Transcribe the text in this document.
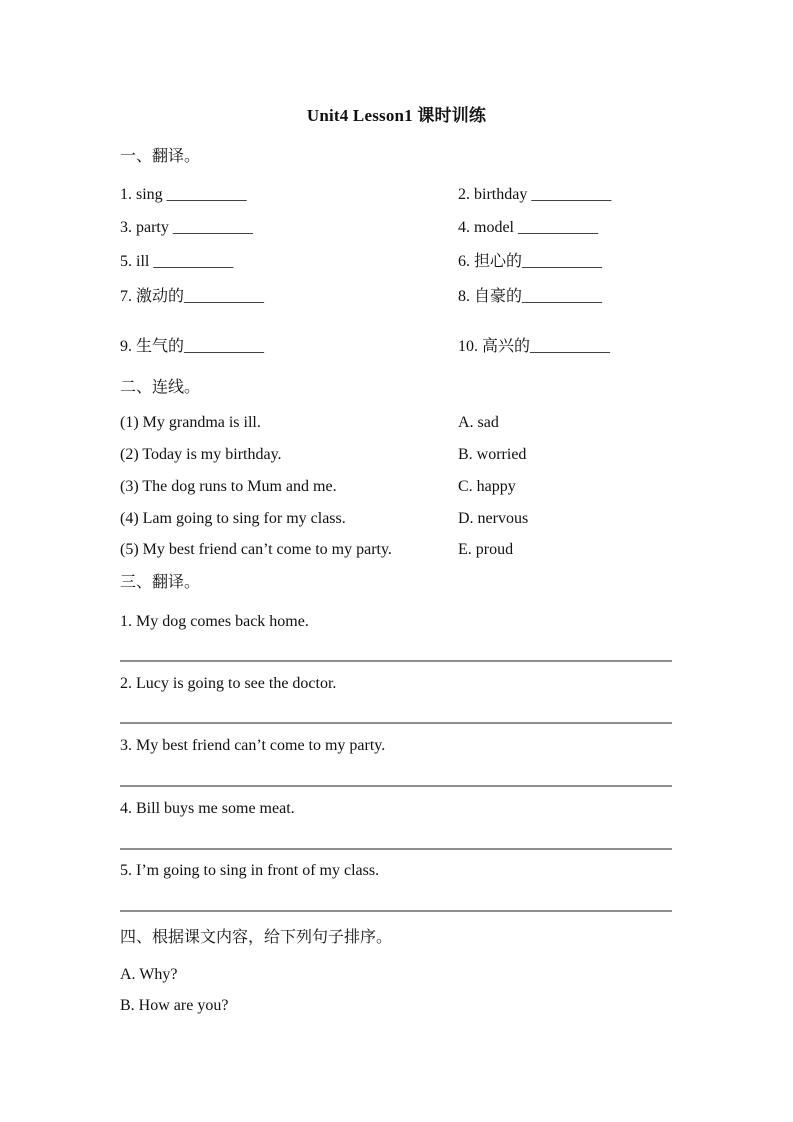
Unit4 Lesson1 课时训练
一、翻译。
1. sing __________	2. birthday __________
3. party __________	4. model __________
5. ill __________	6. 担心的__________
7. 激动的__________	8. 自豪的__________
9. 生气的__________	10. 高兴的__________
二、连线。
(1) My grandma is ill.	A. sad
(2) Today is my birthday.	B. worried
(3) The dog runs to Mum and me.	C. happy
(4) Lam going to sing for my class.	D. nervous
(5) My best friend can’t come to my party.	E. proud
三、翻译。
1. My dog comes back home.
2. Lucy is going to see the doctor.
3. My best friend can’t come to my party.
4. Bill buys me some meat.
5. I’m going to sing in front of my class.
四、根据课文内容，给下列句子排序。
A. Why?
B. How are you?
